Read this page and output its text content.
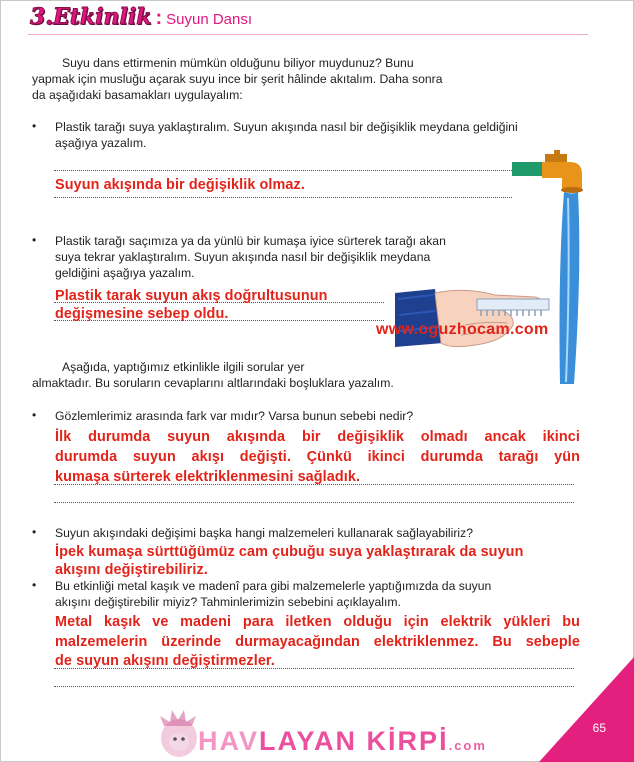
3.Etkinlik : Suyun Dansı
Suyu dans ettirmenin mümkün olduğunu biliyor muydunuz? Bunu
yapmak için musluğu açarak suyu ince bir şerit hâlinde akıtalım. Daha sonra
da aşağıdaki basamakları uygulayalım:
• Plastik tarağı suya yaklaştıralım. Suyun akışında nasıl bir değişiklik meydana geldiğini
aşağıya yazalım.
Suyun akışında bir değişiklik olmaz.
• Plastik tarağı saçımıza ya da yünlü bir kumaşa iyice sürterek tarağı akan
suya tekrar yaklaştıralım. Suyun akışında nasıl bir değişiklik meydana
geldiğini aşağıya yazalım.
Plastik tarak suyun akış doğrultusunun
değişmesine sebep oldu.
www.oguzhocam.com
Aşağıda, yaptığımız etkinlikle ilgili sorular yer
almaktadır. Bu soruların cevaplarını altlarındaki boşluklara yazalım.
• Gözlemlerimiz arasında fark var mıdır? Varsa bunun sebebi nedir?
İlk durumda suyun akışında bir değişiklik olmadı ancak ikinci
durumda suyun akışı değişti. Çünkü ikinci durumda tarağı yün
kumaşa sürterek elektriklenmesini sağladık.
• Suyun akışındaki değişimi başka hangi malzemeleri kullanarak sağlayabiliriz?
İpek kumaşa sürttüğümüz cam çubuğu suya yaklaştırarak da suyun
akışını değiştirebiliriz.
• Bu etkinliği metal kaşık ve madenî para gibi malzemelerle yaptığımızda da suyun
akışını değiştirebilir miyiz? Tahminlerimizin sebebini açıklayalım.
Metal kaşık ve madeni para iletken olduğu için elektrik yükleri bu
malzemelerin üzerinde durmayacağından elektriklenmez. Bu sebeple
de suyun akışını değiştirmezler.
HAVLAYAN KİRPİ.com
65
